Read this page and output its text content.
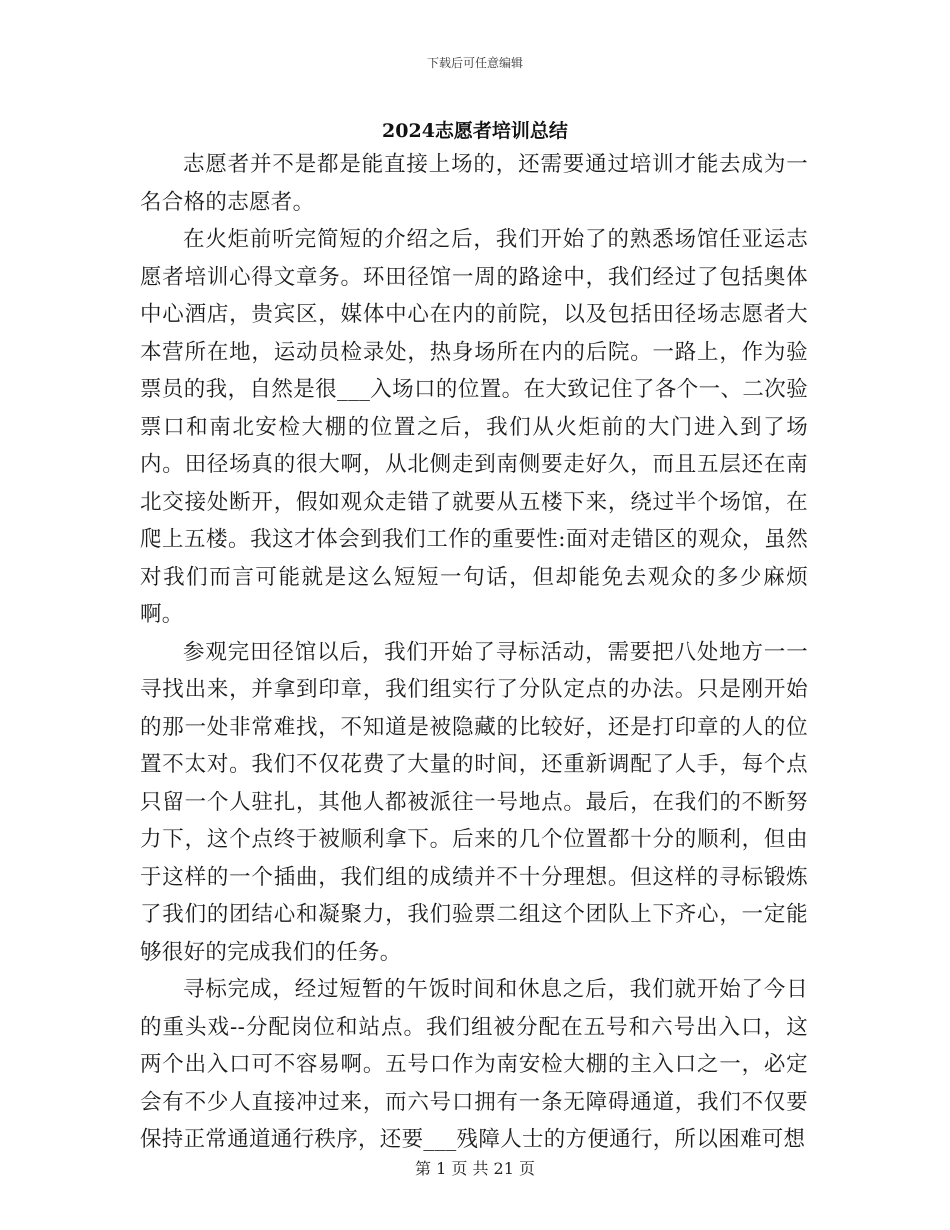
下载后可任意编辑
2024志愿者培训总结

志愿者并不是都是能直接上场的，还需要通过培训才能去成为一名合格的志愿者。

在火炬前听完简短的介绍之后，我们开始了的熟悉场馆任亚运志愿者培训心得文章务。环田径馆一周的路途中，我们经过了包括奥体中心酒店，贵宾区，媒体中心在内的前院，以及包括田径场志愿者大本营所在地，运动员检录处，热身场所在内的后院。一路上，作为验票员的我，自然是很___入场口的位置。在大致记住了各个一、二次验票口和南北安检大棚的位置之后，我们从火炬前的大门进入到了场内。田径场真的很大啊，从北侧走到南侧要走好久，而且五层还在南北交接处断开，假如观众走错了就要从五楼下来，绕过半个场馆，在爬上五楼。我这才体会到我们工作的重要性:面对走错区的观众，虽然对我们而言可能就是这么短短一句话，但却能免去观众的多少麻烦啊。

参观完田径馆以后，我们开始了寻标活动，需要把八处地方一一寻找出来，并拿到印章，我们组实行了分队定点的办法。只是刚开始的那一处非常难找，不知道是被隐藏的比较好，还是打印章的人的位置不太对。我们不仅花费了大量的时间，还重新调配了人手，每个点只留一个人驻扎，其他人都被派往一号地点。最后，在我们的不断努力下，这个点终于被顺利拿下。后来的几个位置都十分的顺利，但由于这样的一个插曲，我们组的成绩并不十分理想。但这样的寻标锻炼了我们的团结心和凝聚力，我们验票二组这个团队上下齐心，一定能够很好的完成我们的任务。

寻标完成，经过短暂的午饭时间和休息之后，我们就开始了今日的重头戏--分配岗位和站点。我们组被分配在五号和六号出入口，这两个出入口可不容易啊。五号口作为南安检大棚的主入口之一，必定会有不少人直接冲过来，而六号口拥有一条无障碍通道，我们不仅要保持正常通道通行秩序，还要___残障人士的方便通行，所以困难可想

第 1 页 共 21 页
